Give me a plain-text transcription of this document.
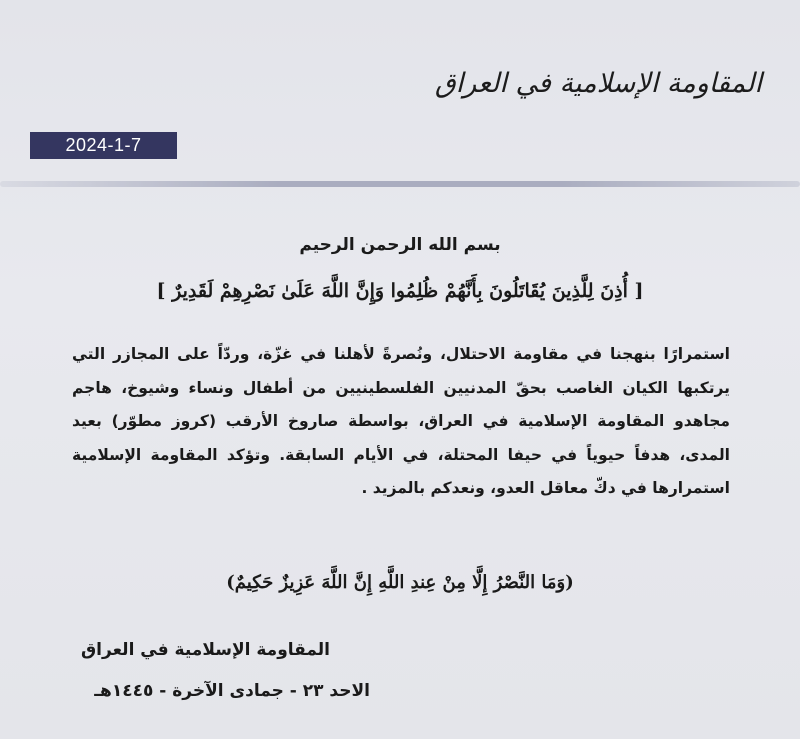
المقاومة الإسلامية في العراق
2024-1-7
بسم الله الرحمن الرحيم
[ أُذِنَ لِلَّذِينَ يُقَاتَلُونَ بِأَنَّهُمْ ظُلِمُوا وَإِنَّ اللَّهَ عَلَىٰ نَصْرِهِمْ لَقَدِيرٌ ]
استمرارًا بنهجنا في مقاومة الاحتلال، ونُصرةً لأهلنا في غزّة، وردّاً على المجازر التي يرتكبها الكيان الغاصب بحقّ المدنيين الفلسطينيين من أطفال ونساء وشيوخ، هاجم مجاهدو المقاومة الإسلامية في العراق، بواسطة صاروخ الأرقب (كروز مطوّر) بعيد المدى، هدفاً حيوياً في حيفا المحتلة، في الأيام السابقة. وتؤكد المقاومة الإسلامية استمرارها في دكّ معاقل العدو، ونعدكم بالمزيد .
(وَمَا النَّصْرُ إِلَّا مِنْ عِندِ اللَّهِ إِنَّ اللَّهَ عَزِيزٌ حَكِيمٌ)
المقاومة الإسلامية في العراق
الاحد ٢٣ - جمادى الآخرة - ١٤٤٥هـ
